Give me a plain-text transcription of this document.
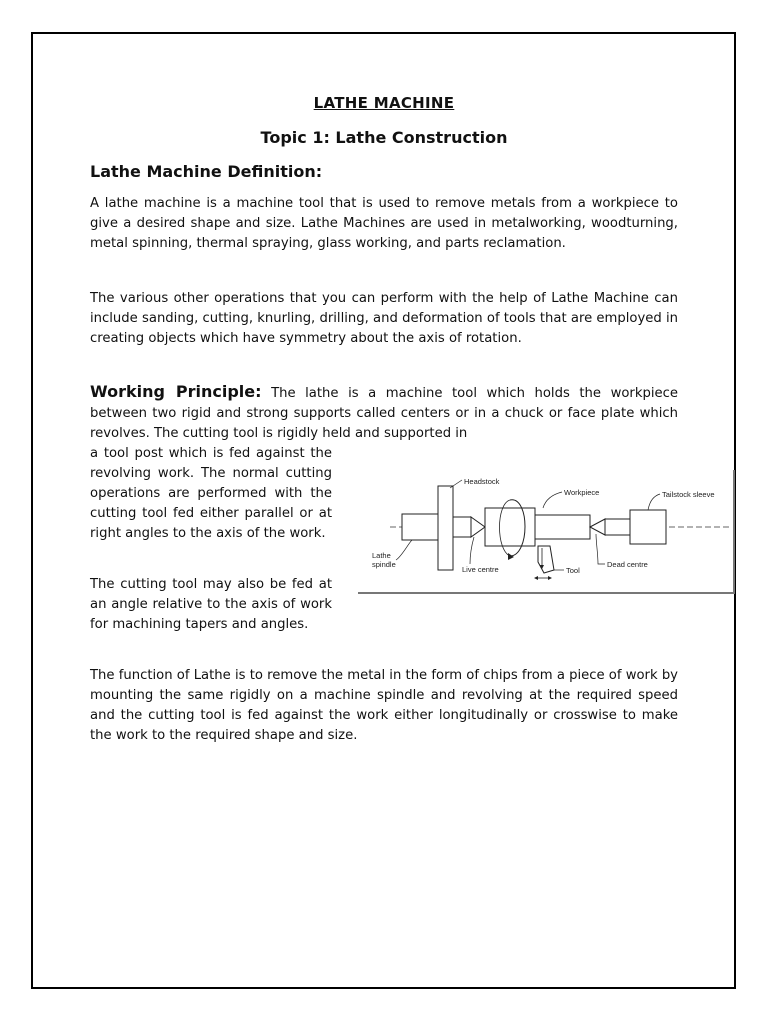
LATHE MACHINE
Topic 1: Lathe Construction
Lathe Machine Definition:

A lathe machine is a machine tool that is used to remove metals from a workpiece to give a desired shape and size. Lathe Machines are used in metalworking, woodturning, metal spinning, thermal spraying, glass working, and parts reclamation.

The various other operations that you can perform with the help of Lathe Machine can include sanding, cutting, knurling, drilling, and deformation of tools that are employed in creating objects which have symmetry about the axis of rotation.

Working Principle: The lathe is a machine tool which holds the workpiece between two rigid and strong supports called centers or in a chuck or face plate which revolves. The cutting tool is rigidly held and supported in

a tool post which is fed against the revolving work. The normal cutting operations are performed with the cutting tool fed either parallel or at right angles to the axis of the work.

The cutting tool may also be fed at an angle relative to the axis of work for machining tapers and angles.

Headstock
Workpiece	Tailstock sleeve
Lathe
spindle
Live centre	Tool
Dead centre

The function of Lathe is to remove the metal in the form of chips from a piece of work by mounting the same rigidly on a machine spindle and revolving at the required speed and the cutting tool is fed against the work either longitudinally or crosswise to make the work to the required shape and size.
